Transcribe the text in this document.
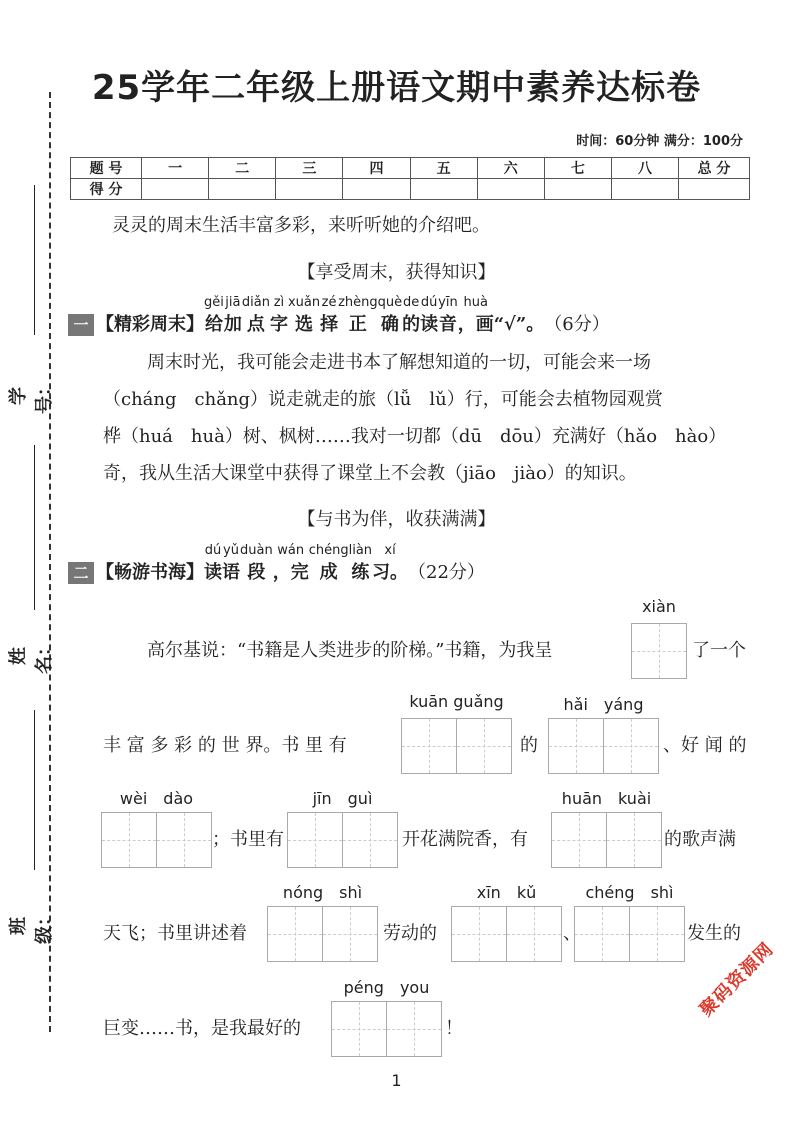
学号：
姓名：
班级：
25学年二年级上册语文期中素养达标卷
时间：60分钟 满分：100分
题 号	一	二	三	四	五	六	七	八	总 分
得 分									
灵灵的周末生活丰富多彩，来听听她的介绍吧。
【享受周末，获得知识】
一 【精彩周末】
gěi
给
jiā
加
diǎn
点
zì
字
xuǎn
选
zé
择
zhèng
正
què
确
de
的
dú
读
yīn
音
huà
，画 “√”。 （6分）
周末时光，我可能会走进书本了解想知道的一切，可能会来一场
（cháng　chǎng）说走就走的旅（lǚ　lǔ）行，可能会去植物园观赏
桦（huá　huà）树、枫树……我对一切都（dū　dōu）充满好（hǎo　hào）
奇，我从生活大课堂中获得了课堂上不会教（jiāo　jiào）的知识。
【与书为伴，收获满满】
二 【畅游书海】
dú
读
yǔ
语
duàn
段
wán
，完
chéng
成
liàn
练
xí
习。 （22分）
高尔基说：“书籍是人类进步的阶梯。”书籍，为我呈
xiàn
了一个
丰 富 多 彩 的 世 界。书 里 有
kuān guǎng
的
hǎi　yáng
、好 闻 的
wèi　dào
；书里有
jīn　guì
开花满院香，有
huān　kuài
的歌声满
天飞；书里讲述着
nóng　shì
劳动的
xīn　kǔ
、
chéng　shì
发生的
巨变……书，是我最好的
péng　you
！
聚码资源网
1
